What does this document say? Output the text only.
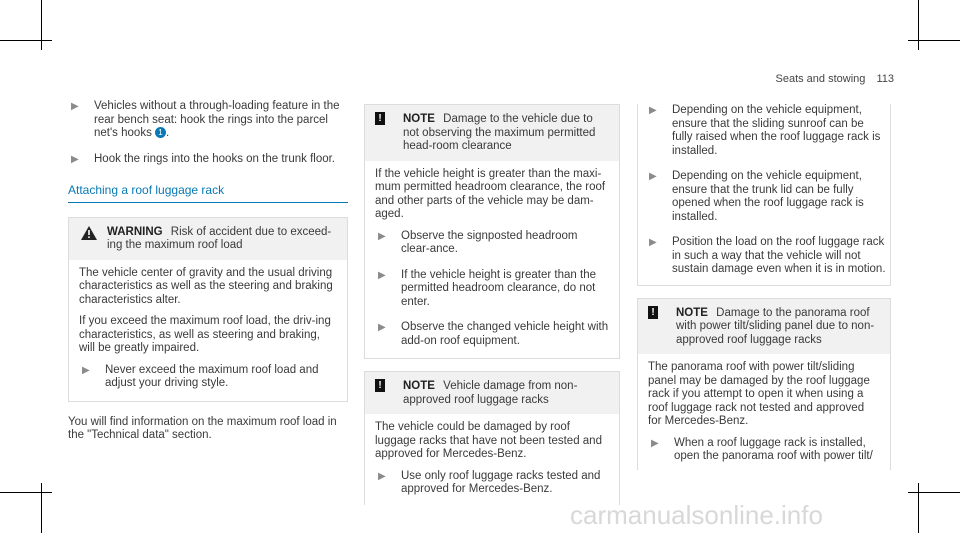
Seats and stowing 113
▶ Vehicles without a through-loading feature in the rear bench seat: hook the rings into the parcel net's hooks 1 .
▶ Hook the rings into the hooks on the trunk floor.
Attaching a roof luggage rack
WARNING Risk of accident due to exceed-ing the maximum roof load

The vehicle center of gravity and the usual driving characteristics as well as the steering and braking characteristics alter.

If you exceed the maximum roof load, the driv-ing characteristics, as well as steering and braking, will be greatly impaired.

▶ Never exceed the maximum roof load and adjust your driving style.
You will find information on the maximum roof load in the "Technical data" section.
!	NOTE Damage to the vehicle due to not observing the maximum permitted head-room clearance

If the vehicle height is greater than the maxi-mum permitted headroom clearance, the roof and other parts of the vehicle may be dam-aged.

▶ Observe the signposted headroom clear-ance.
▶ If the vehicle height is greater than the permitted headroom clearance, do not enter.
▶ Observe the changed vehicle height with add-on roof equipment.
!	NOTE Vehicle damage from non-approved roof luggage racks

The vehicle could be damaged by roof luggage racks that have not been tested and approved for Mercedes-Benz.

▶ Use only roof luggage racks tested and approved for Mercedes-Benz.
▶ Depending on the vehicle equipment, ensure that the sliding sunroof can be fully raised when the roof luggage rack is installed.
▶ Depending on the vehicle equipment, ensure that the trunk lid can be fully opened when the roof luggage rack is installed.
▶ Position the load on the roof luggage rack in such a way that the vehicle will not sustain damage even when it is in motion.
!	NOTE Damage to the panorama roof with power tilt/sliding panel due to non-approved roof luggage racks

The panorama roof with power tilt/sliding panel may be damaged by the roof luggage rack if you attempt to open it when using a roof luggage rack not tested and approved for Mercedes-Benz.

▶ When a roof luggage rack is installed, open the panorama roof with power tilt/
carmanualsonline.info
